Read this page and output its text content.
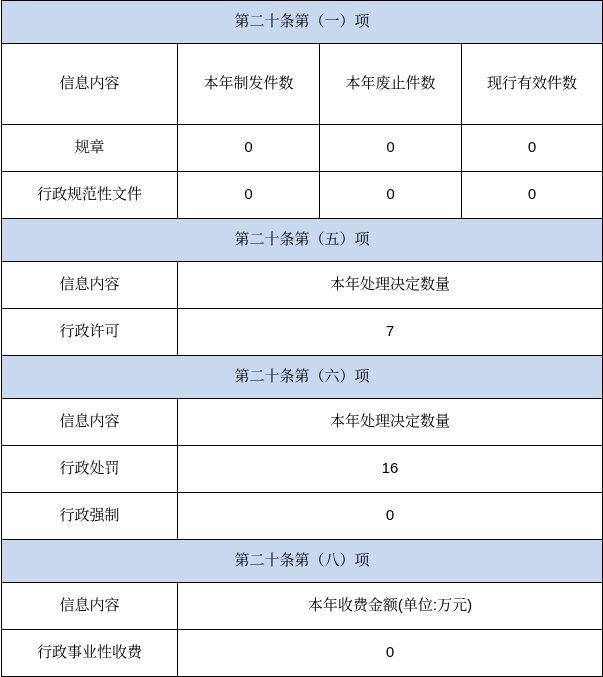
第二十条第（一）项			
信息内容	本年制发件数	本年废止件数	现行有效件数
规章	0	0	0
行政规范性文件	0	0	0
第二十条第（五）项			
信息内容	本年处理决定数量		
行政许可	7		
第二十条第（六）项			
信息内容	本年处理决定数量		
行政处罚	16		
行政强制	0		
第二十条第（八）项			
信息内容	本年收费金额(单位:万元)		
行政事业性收费	0		
